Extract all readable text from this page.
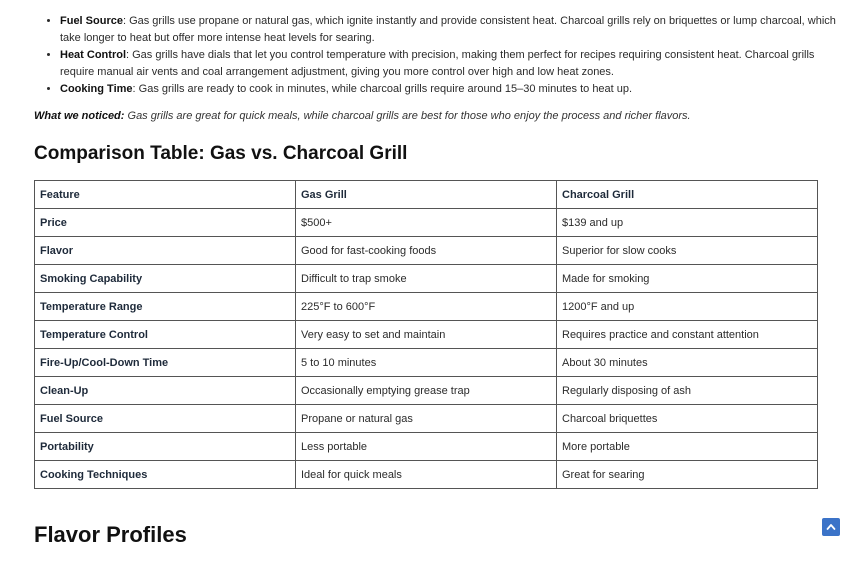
• Fuel Source: Gas grills use propane or natural gas, which ignite instantly and provide consistent heat. Charcoal grills rely on briquettes or lump charcoal, which take longer to heat but offer more intense heat levels for searing.
• Heat Control: Gas grills have dials that let you control temperature with precision, making them perfect for recipes requiring consistent heat. Charcoal grills require manual air vents and coal arrangement adjustment, giving you more control over high and low heat zones.
• Cooking Time: Gas grills are ready to cook in minutes, while charcoal grills require around 15–30 minutes to heat up.
What we noticed: Gas grills are great for quick meals, while charcoal grills are best for those who enjoy the process and richer flavors.
Comparison Table: Gas vs. Charcoal Grill
Feature	Gas Grill	Charcoal Grill
Price	$500+	$139 and up
Flavor	Good for fast-cooking foods	Superior for slow cooks
Smoking Capability	Difficult to trap smoke	Made for smoking
Temperature Range	225°F to 600°F	1200°F and up
Temperature Control	Very easy to set and maintain	Requires practice and constant attention
Fire-Up/Cool-Down Time	5 to 10 minutes	About 30 minutes
Clean-Up	Occasionally emptying grease trap	Regularly disposing of ash
Fuel Source	Propane or natural gas	Charcoal briquettes
Portability	Less portable	More portable
Cooking Techniques	Ideal for quick meals	Great for searing
Flavor Profiles
